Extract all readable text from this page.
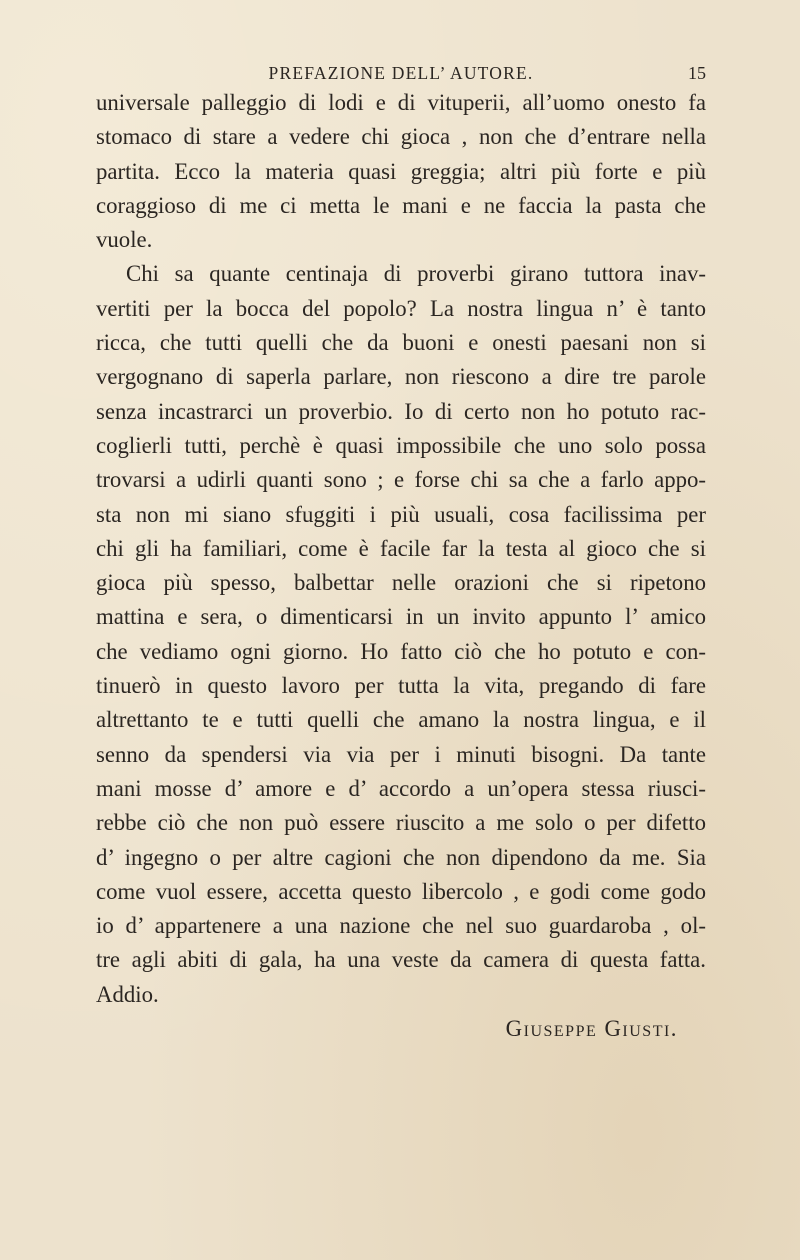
PREFAZIONE DELL’ AUTORE.	15
universale palleggio di lodi e di vituperii, all’uomo onesto fa
stomaco di stare a vedere chi gioca , non che d’entrare nella
partita. Ecco la materia quasi greggia; altri più forte e più
coraggioso di me ci metta le mani e ne faccia la pasta che
vuole.
Chi sa quante centinaja di proverbi girano tuttora inav-
vertiti per la bocca del popolo? La nostra lingua n’ è tanto
ricca, che tutti quelli che da buoni e onesti paesani non si
vergognano di saperla parlare, non riescono a dire tre parole
senza incastrarci un proverbio. Io di certo non ho potuto rac-
coglierli tutti, perchè è quasi impossibile che uno solo possa
trovarsi a udirli quanti sono ; e forse chi sa che a farlo appo-
sta non mi siano sfuggiti i più usuali, cosa facilissima per
chi gli ha familiari, come è facile far la testa al gioco che si
gioca più spesso, balbettar nelle orazioni che si ripetono
mattina e sera, o dimenticarsi in un invito appunto l’ amico
che vediamo ogni giorno. Ho fatto ciò che ho potuto e con-
tinuerò in questo lavoro per tutta la vita, pregando di fare
altrettanto te e tutti quelli che amano la nostra lingua, e il
senno da spendersi via via per i minuti bisogni. Da tante
mani mosse d’ amore e d’ accordo a un’opera stessa riusci-
rebbe ciò che non può essere riuscito a me solo o per difetto
d’ ingegno o per altre cagioni che non dipendono da me. Sia
come vuol essere, accetta questo libercolo , e godi come godo
io d’ appartenere a una nazione che nel suo guardaroba , ol-
tre agli abiti di gala, ha una veste da camera di questa fatta.
Addio.
Giuseppe Giusti.
